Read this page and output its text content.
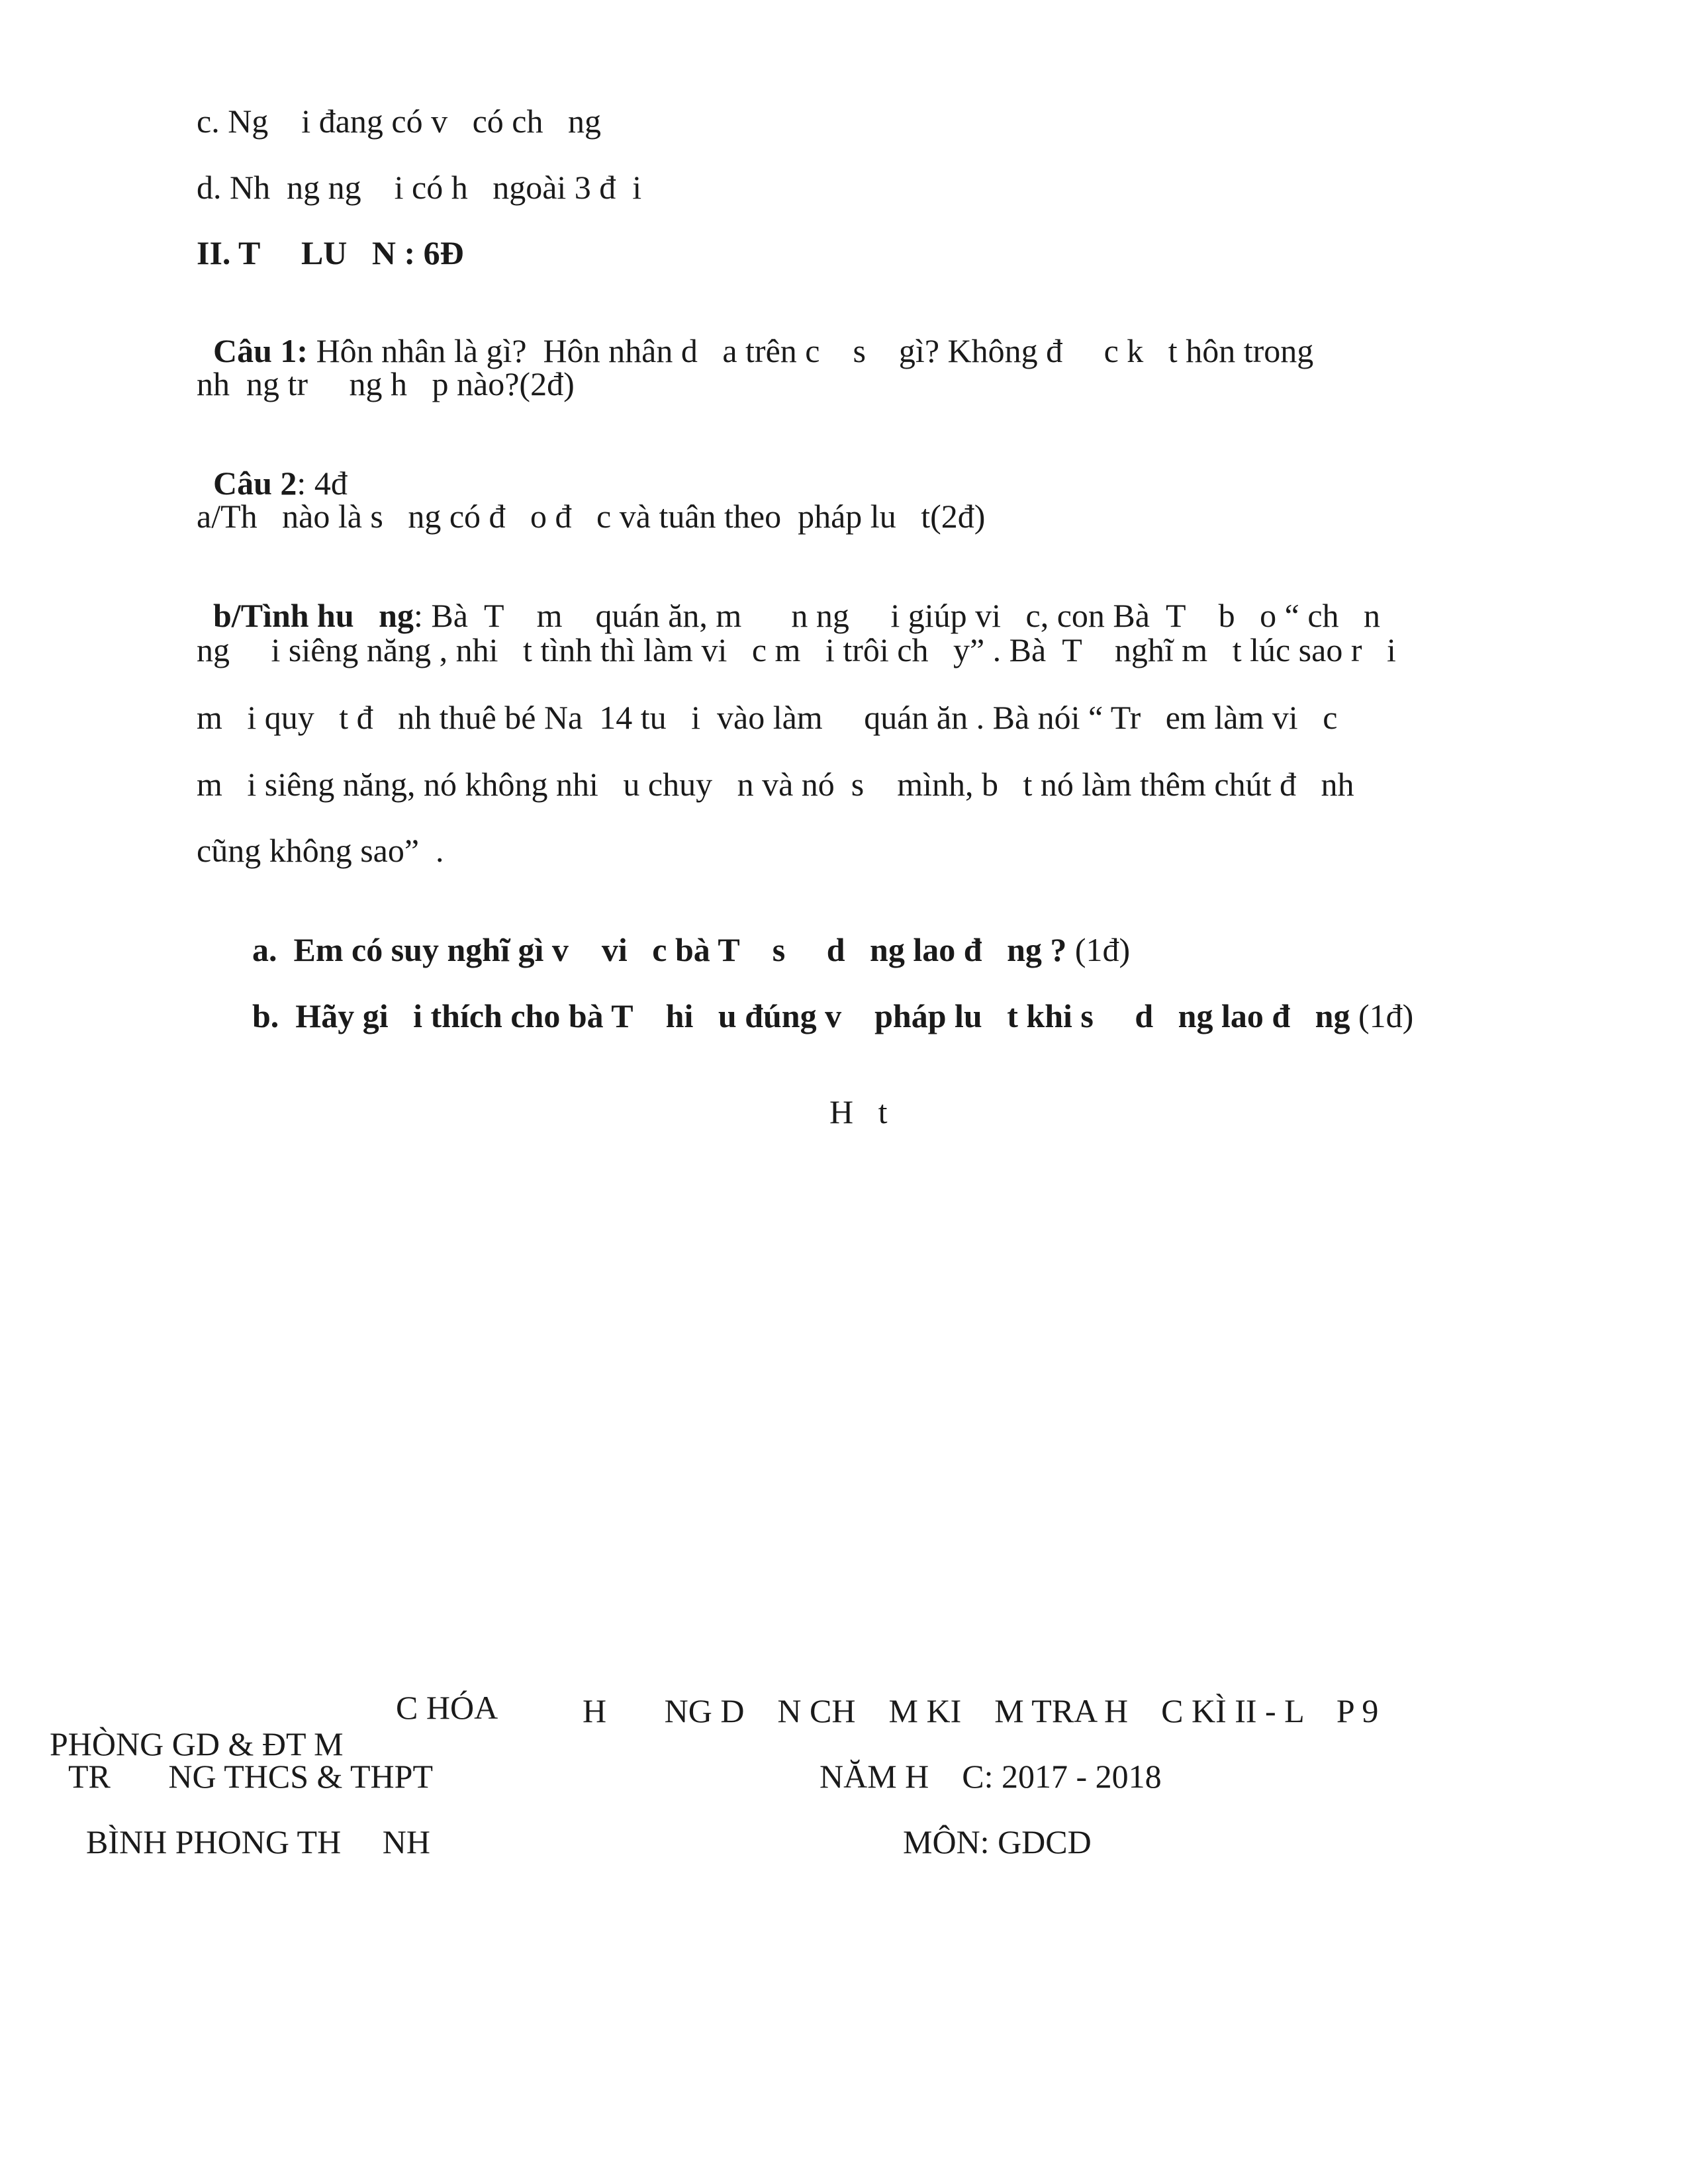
c. Ng    i đang có v   có ch   ng
d. Nh  ng ng    i có h   ngoài 3 đ  i
II. T     LU   N : 6Đ

Câu 1: Hôn nhân là gì?  Hôn nhân d   a trên c    s    gì? Không đ     c k   t hôn trong

nh  ng tr     ng h   p nào?(2đ)

Câu 2: 4đ

a/Th   nào là s   ng có đ   o đ   c và tuân theo  pháp lu   t(2đ)

b/Tình hu   ng: Bà  T    m    quán ăn, m      n ng     i giúp vi   c, con Bà  T    b   o “ ch   n

ng     i siêng năng , nhi   t tình thì làm vi   c m   i trôi ch   y” . Bà  T    nghĩ m   t lúc sao r   i
m   i quy   t đ   nh thuê bé Na  14 tu   i  vào làm     quán ăn . Bà nói “ Tr   em làm vi   c
m   i siêng năng, nó không nhi   u chuy   n và nó  s    mình, b   t nó làm thêm chút đ   nh
cũng không sao”  .

a.  Em có suy nghĩ gì v    vi   c bà T    s     d   ng lao đ   ng ? (1đ)

b.  Hãy gi   i thích cho bà T    hi   u đúng v    pháp lu   t khi s     d   ng lao đ   ng (1đ)

H   t

PHÒNG GD & ĐT M

C HÓA	H       NG D    N CH    M KI    M TRA H    C KÌ II - L    P 9
TR       NG THCS & THPT	NĂM H    C: 2017 - 2018
BÌNH PHONG TH     NH	MÔN: GDCD
